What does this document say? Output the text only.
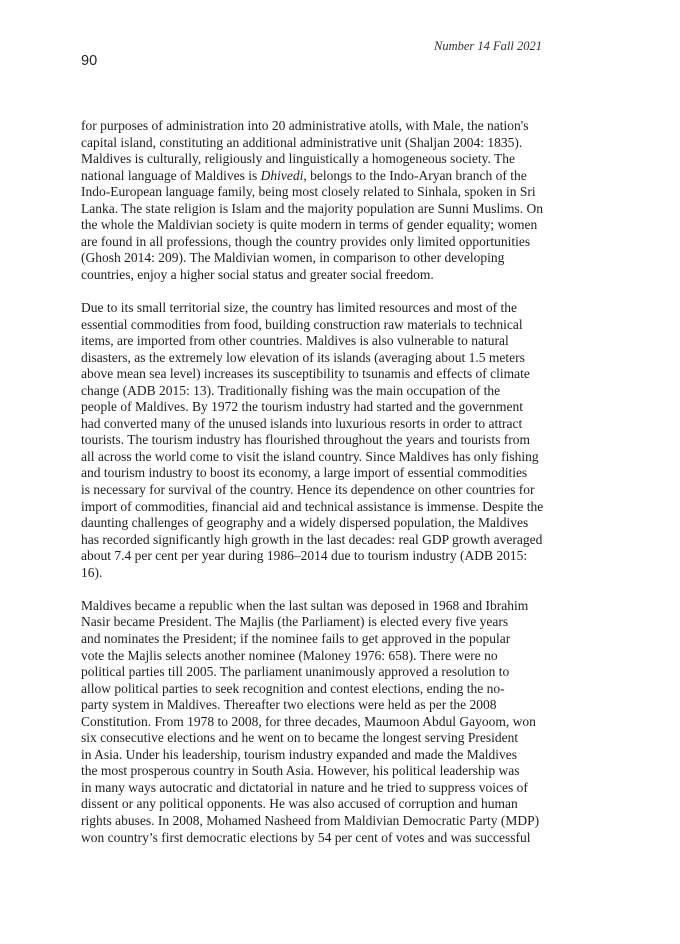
Number 14 Fall 2021
90
for purposes of administration into 20 administrative atolls, with Male, the nation's
capital island, constituting an additional administrative unit (Shaljan 2004: 1835).
Maldives is culturally, religiously and linguistically a homogeneous society. The
national language of Maldives is Dhivedi, belongs to the Indo-Aryan branch of the
Indo-European language family, being most closely related to Sinhala, spoken in Sri
Lanka. The state religion is Islam and the majority population are Sunni Muslims. On
the whole the Maldivian society is quite modern in terms of gender equality; women
are found in all professions, though the country provides only limited opportunities
(Ghosh 2014: 209). The Maldivian women, in comparison to other developing
countries, enjoy a higher social status and greater social freedom.
Due to its small territorial size, the country has limited resources and most of the
essential commodities from food, building construction raw materials to technical
items, are imported from other countries. Maldives is also vulnerable to natural
disasters, as the extremely low elevation of its islands (averaging about 1.5 meters
above mean sea level) increases its susceptibility to tsunamis and effects of climate
change (ADB 2015: 13). Traditionally fishing was the main occupation of the
people of Maldives. By 1972 the tourism industry had started and the government
had converted many of the unused islands into luxurious resorts in order to attract
tourists. The tourism industry has flourished throughout the years and tourists from
all across the world come to visit the island country. Since Maldives has only fishing
and tourism industry to boost its economy, a large import of essential commodities
is necessary for survival of the country. Hence its dependence on other countries for
import of commodities, financial aid and technical assistance is immense. Despite the
daunting challenges of geography and a widely dispersed population, the Maldives
has recorded significantly high growth in the last decades: real GDP growth averaged
about 7.4 per cent per year during 1986–2014 due to tourism industry (ADB 2015:
16).
Maldives became a republic when the last sultan was deposed in 1968 and Ibrahim
Nasir became President. The Majlis (the Parliament) is elected every five years
and nominates the President; if the nominee fails to get approved in the popular
vote the Majlis selects another nominee (Maloney 1976: 658). There were no
political parties till 2005. The parliament unanimously approved a resolution to
allow political parties to seek recognition and contest elections, ending the no-
party system in Maldives. Thereafter two elections were held as per the 2008
Constitution. From 1978 to 2008, for three decades, Maumoon Abdul Gayoom, won
six consecutive elections and he went on to became the longest serving President
in Asia. Under his leadership, tourism industry expanded and made the Maldives
the most prosperous country in South Asia. However, his political leadership was
in many ways autocratic and dictatorial in nature and he tried to suppress voices of
dissent or any political opponents. He was also accused of corruption and human
rights abuses. In 2008, Mohamed Nasheed from Maldivian Democratic Party (MDP)
won country’s first democratic elections by 54 per cent of votes and was successful
